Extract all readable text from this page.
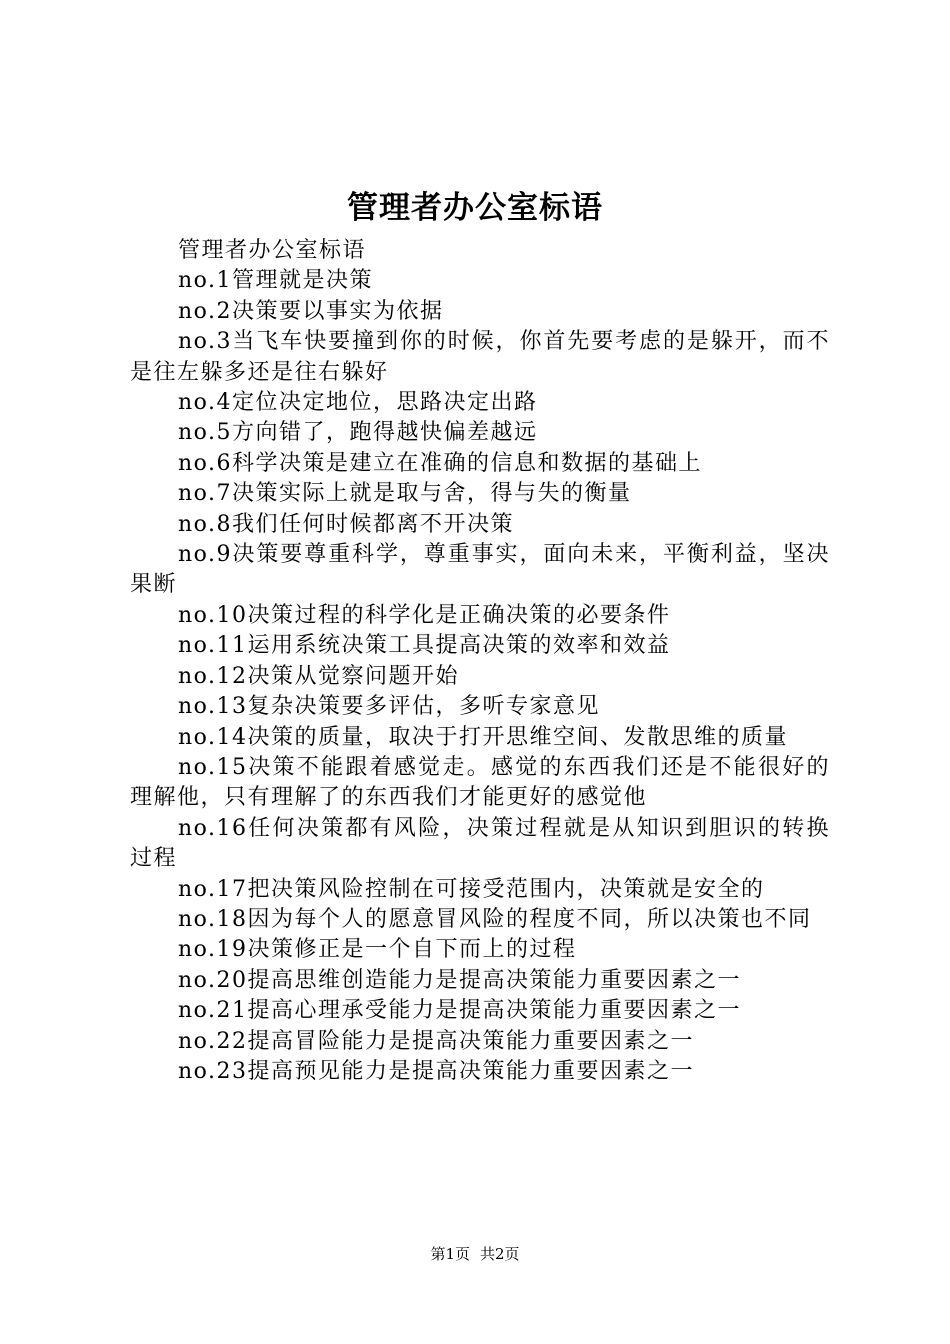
管理者办公室标语

管理者办公室标语

no.1管理就是决策

no.2决策要以事实为依据

no.3当飞车快要撞到你的时候，你首先要考虑的是躲开，而不是往左躲多还是往右躲好

no.4定位决定地位，思路决定出路

no.5方向错了，跑得越快偏差越远

no.6科学决策是建立在准确的信息和数据的基础上

no.7决策实际上就是取与舍，得与失的衡量

no.8我们任何时候都离不开决策

no.9决策要尊重科学，尊重事实，面向未来，平衡利益，坚决果断

no.10决策过程的科学化是正确决策的必要条件

no.11运用系统决策工具提高决策的效率和效益

no.12决策从觉察问题开始

no.13复杂决策要多评估，多听专家意见

no.14决策的质量，取决于打开思维空间、发散思维的质量

no.15决策不能跟着感觉走。感觉的东西我们还是不能很好的理解他，只有理解了的东西我们才能更好的感觉他

no.16任何决策都有风险，决策过程就是从知识到胆识的转换过程

no.17把决策风险控制在可接受范围内，决策就是安全的

no.18因为每个人的愿意冒风险的程度不同，所以决策也不同

no.19决策修正是一个自下而上的过程

no.20提高思维创造能力是提高决策能力重要因素之一

no.21提高心理承受能力是提高决策能力重要因素之一

no.22提高冒险能力是提高决策能力重要因素之一

no.23提高预见能力是提高决策能力重要因素之一

第1页 共2页
